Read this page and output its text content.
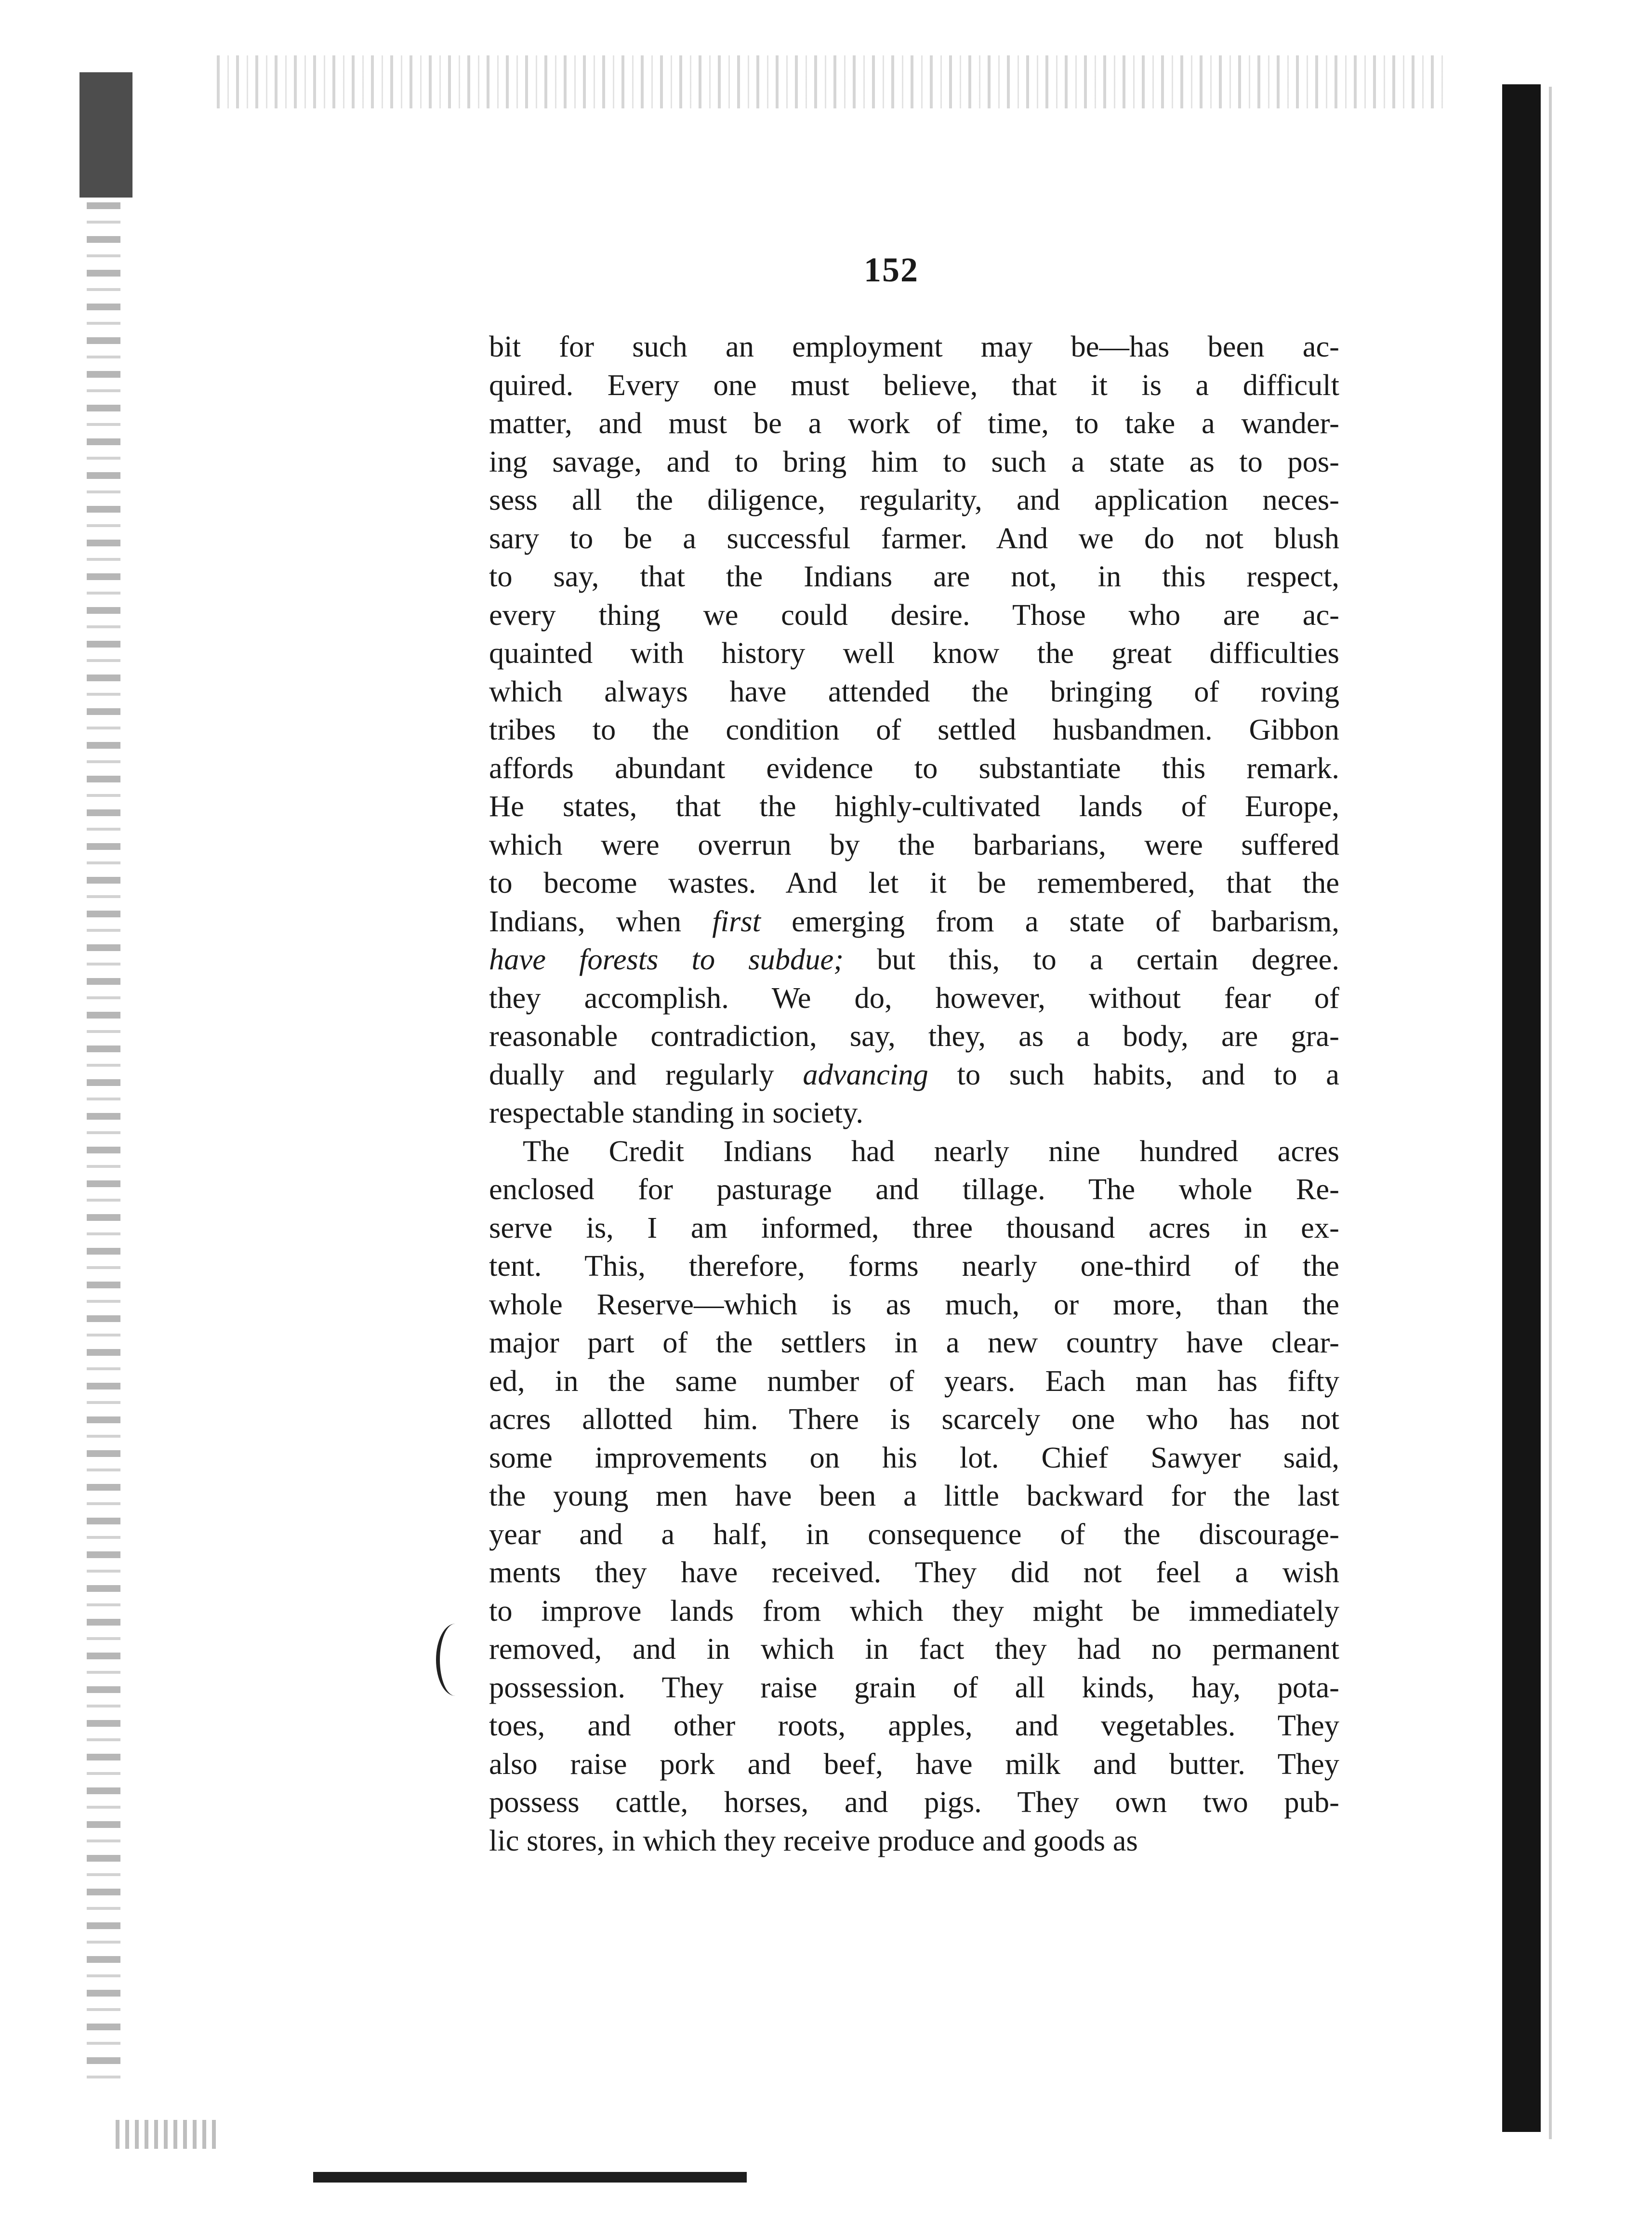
152
bit for such an employment may be—has been ac-
quired. Every one must believe, that it is a difficult
matter, and must be a work of time, to take a wander-
ing savage, and to bring him to such a state as to pos-
sess all the diligence, regularity, and application neces-
sary to be a successful farmer. And we do not blush
to say, that the Indians are not, in this respect,
every thing we could desire. Those who are ac-
quainted with history well know the great difficulties
which always have attended the bringing of roving
tribes to the condition of settled husbandmen. Gibbon
affords abundant evidence to substantiate this remark.
He states, that the highly-cultivated lands of Europe,
which were overrun by the barbarians, were suffered
to become wastes. And let it be remembered, that the
Indians, when first emerging from a state of barbarism,
have forests to subdue; but this, to a certain degree.
they accomplish. We do, however, without fear of
reasonable contradiction, say, they, as a body, are gra-
dually and regularly advancing to such habits, and to a
respectable standing in society.
The Credit Indians had nearly nine hundred acres
enclosed for pasturage and tillage. The whole Re-
serve is, I am informed, three thousand acres in ex-
tent. This, therefore, forms nearly one-third of the
whole Reserve—which is as much, or more, than the
major part of the settlers in a new country have clear-
ed, in the same number of years. Each man has fifty
acres allotted him. There is scarcely one who has not
some improvements on his lot. Chief Sawyer said,
the young men have been a little backward for the last
year and a half, in consequence of the discourage-
ments they have received. They did not feel a wish
to improve lands from which they might be immediately
removed, and in which in fact they had no permanent
possession. They raise grain of all kinds, hay, pota-
toes, and other roots, apples, and vegetables. They
also raise pork and beef, have milk and butter. They
possess cattle, horses, and pigs. They own two pub-
lic stores, in which they receive produce and goods as
